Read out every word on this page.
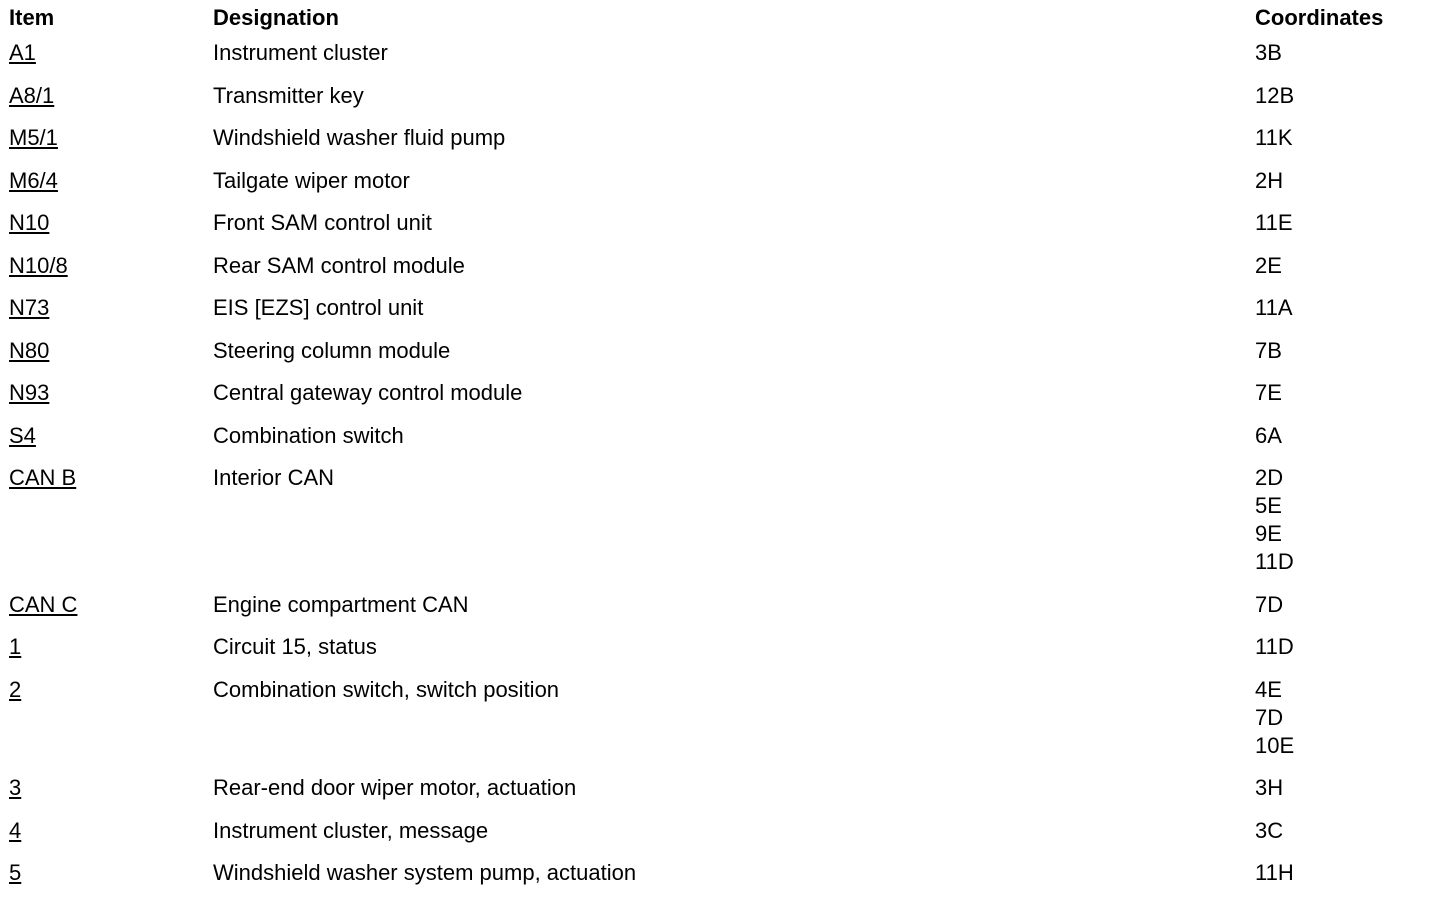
Item	Designation	Coordinates
A1	Instrument cluster	3B

A8/1	Transmitter key	12B

M5/1	Windshield washer fluid pump	11K

M6/4	Tailgate wiper motor	2H

N10	Front SAM control unit	11E

N10/8	Rear SAM control module	2E

N73	EIS [EZS] control unit	11A

N80	Steering column module	7B

N93	Central gateway control module	7E

S4	Combination switch	6A

CAN B	Interior CAN	2D
5E
9E
11D

CAN C	Engine compartment CAN	7D

1	Circuit 15, status	11D

2	Combination switch, switch position	4E
7D
10E

3	Rear-end door wiper motor, actuation	3H

4	Instrument cluster, message	3C

5	Windshield washer system pump, actuation	11H
